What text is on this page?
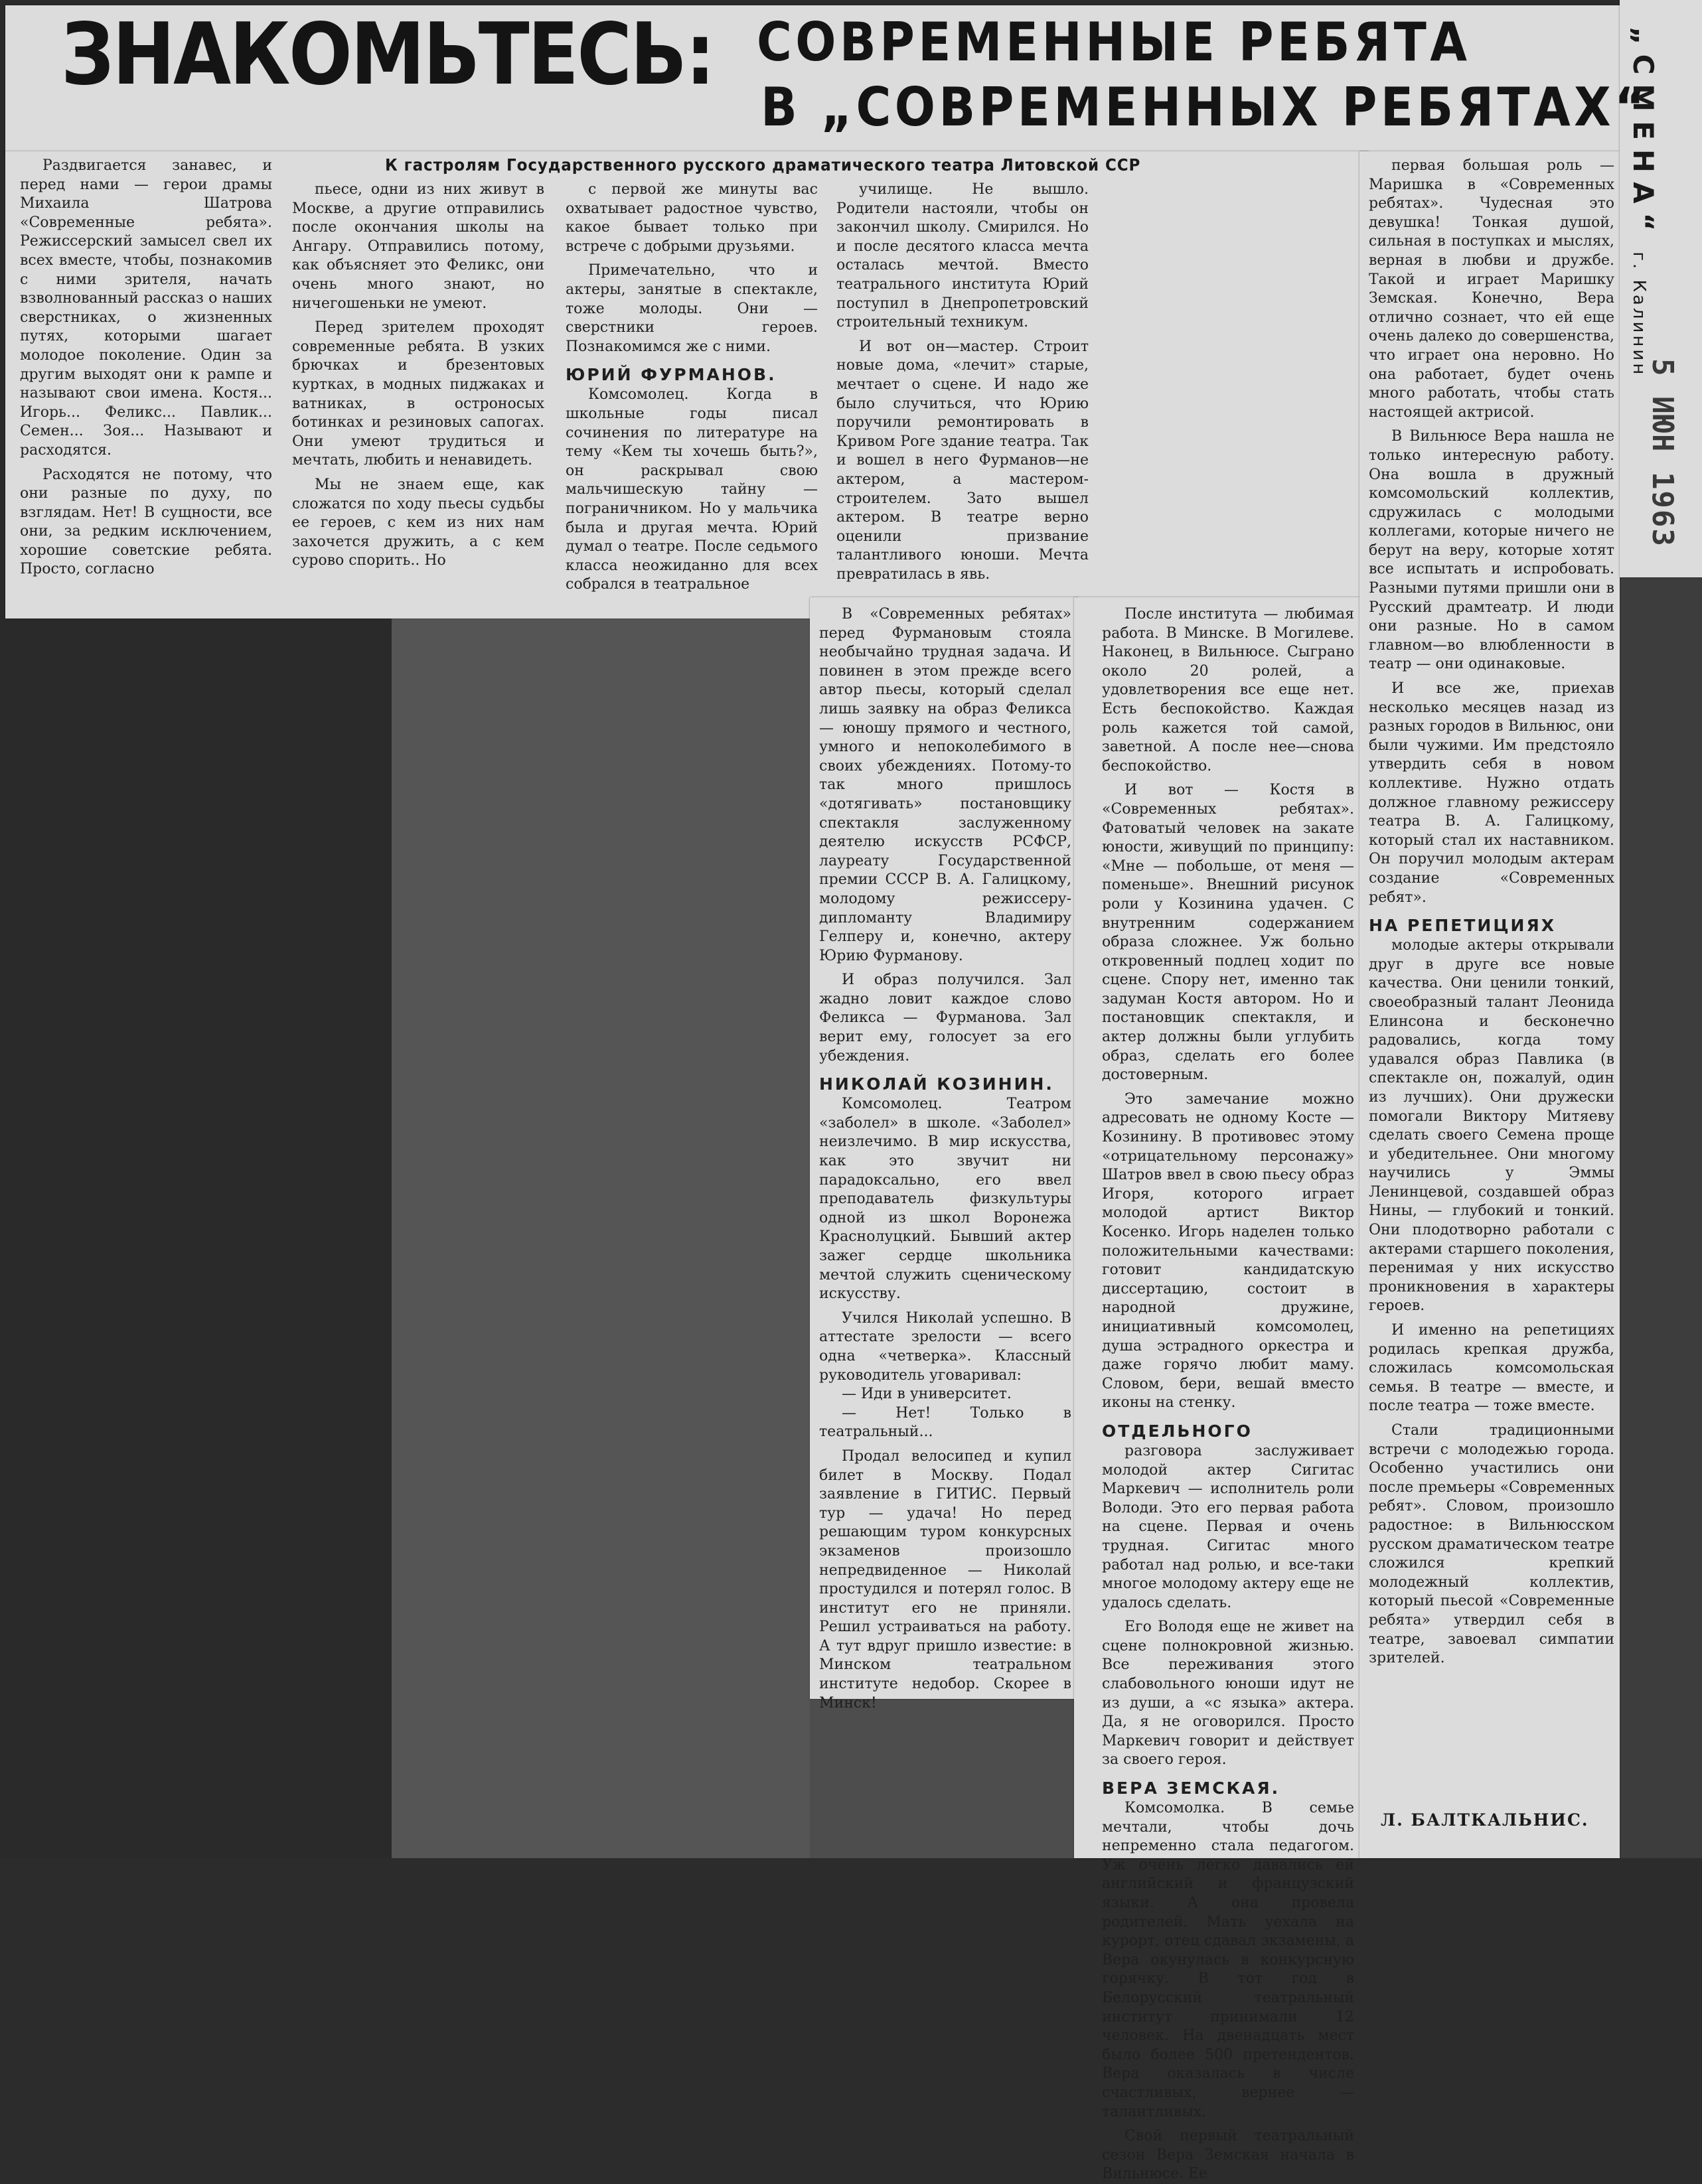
ЗНАКОМЬТЕСЬ: СОВРЕМЕННЫЕ РЕБЯТА
В „СОВРЕМЕННЫХ РЕБЯТАХ“
К гастролям Государственного русского драматического театра Литовской ССР	„СМЕНА“ г. Калинин
5 ИЮН 1963

Раздвигается занавес, и перед нами — герои драмы Михаила Шатрова «Современные ребята». Режиссерский замысел свел их всех вместе, чтобы, познакомив с ними зрителя, начать взволнованный рассказ о наших сверстниках, о жизненных путях, которыми шагает молодое поколение. Один за другим выходят они к рампе и называют свои имена. Костя... Игорь... Феликс... Павлик... Семен... Зоя... Называют и расходятся.

Расходятся не потому, что они разные по духу, по взглядам. Нет! В сущности, все они, за редким исключением, хорошие советские ребята. Просто, согласно

пьесе, одни из них живут в Москве, а другие отправились после окончания школы на Ангару. Отправились потому, как объясняет это Феликс, они очень много знают, но ничегошеньки не умеют.

Перед зрителем проходят современные ребята. В узких брючках и брезентовых куртках, в модных пиджаках и ватниках, в остроносых ботинках и резиновых сапогах. Они умеют трудиться и мечтать, любить и ненавидеть.

Мы не знаем еще, как сложатся по ходу пьесы судьбы ее героев, с кем из них нам захочется дружить, а с кем сурово спорить.. Но

с первой же минуты вас охватывает радостное чувство, какое бывает только при встрече с добрыми друзьями.

Примечательно, что и актеры, занятые в спектакле, тоже молоды. Они — сверстники героев. Познакомимся же с ними.

ЮРИЙ ФУРМАНОВ.

Комсомолец. Когда в школьные годы писал сочинения по литературе на тему «Кем ты хочешь быть?», он раскрывал свою мальчишескую тайну — пограничником. Но у мальчика была и другая мечта. Юрий думал о театре. После седьмого класса неожиданно для всех собрался в театральное

училище. Не вышло. Родители настояли, чтобы он закончил школу. Смирился. Но и после десятого класса мечта осталась мечтой. Вместо театрального института Юрий поступил в Днепропетровский строительный техникум.

И вот он—мастер. Строит новые дома, «лечит» старые, мечтает о сцене. И надо же было случиться, что Юрию поручили ремонтировать в Кривом Роге здание театра. Так и вошел в него Фурманов—не актером, а мастером-строителем. Зато вышел актером. В театре верно оценили призвание талантливого юноши. Мечта превратилась в явь.

В «Современных ребятах» перед Фурмановым стояла необычайно трудная задача. И повинен в этом прежде всего автор пьесы, который сделал лишь заявку на образ Феликса — юношу прямого и честного, умного и непоколебимого в своих убеждениях. Потому-то так много пришлось «дотягивать» постановщику спектакля заслуженному деятелю искусств РСФСР, лауреату Государственной премии СССР В. А. Галицкому, молодому режиссеру-дипломанту Владимиру Гелперу и, конечно, актеру Юрию Фурманову.

И образ получился. Зал жадно ловит каждое слово Феликса — Фурманова. Зал верит ему, голосует за его убеждения.

НИКОЛАЙ КОЗИНИН.

Комсомолец. Театром «заболел» в школе. «Заболел» неизлечимо. В мир искусства, как это звучит ни парадоксально, его ввел преподаватель физкультуры одной из школ Воронежа Краснолуцкий. Бывший актер зажег сердце школьника мечтой служить сценическому искусству.

Учился Николай успешно. В аттестате зрелости — всего одна «четверка». Классный руководитель уговаривал:

— Иди в университет.

— Нет! Только в театральный...

Продал велосипед и купил билет в Москву. Подал заявление в ГИТИС. Первый тур — удача! Но перед решающим туром конкурсных экзаменов произошло непредвиденное — Николай простудился и потерял голос. В институт его не приняли. Решил устраиваться на работу. А тут вдруг пришло известие: в Минском театральном институте недобор. Скорее в Минск!

После института — любимая работа. В Минске. В Могилеве. Наконец, в Вильнюсе. Сыграно около 20 ролей, а удовлетворения все еще нет. Есть беспокойство. Каждая роль кажется той самой, заветной. А после нее—снова беспокойство.

И вот — Костя в «Современных ребятах». Фатоватый человек на закате юности, живущий по принципу: «Мне — побольше, от меня — поменьше». Внешний рисунок роли у Козинина удачен. С внутренним содержанием образа сложнее. Уж больно откровенный подлец ходит по сцене. Спору нет, именно так задуман Костя автором. Но и постановщик спектакля, и актер должны были углубить образ, сделать его более достоверным.

Это замечание можно адресовать не одному Косте — Козинину. В противовес этому «отрицательному персонажу» Шатров ввел в свою пьесу образ Игоря, которого играет молодой артист Виктор Косенко. Игорь наделен только положительными качествами: готовит кандидатскую диссертацию, состоит в народной дружине, инициативный комсомолец, душа эстрадного оркестра и даже горячо любит маму. Словом, бери, вешай вместо иконы на стенку.

ОТДЕЛЬНОГО

разговора заслуживает молодой актер Сигитас Маркевич — исполнитель роли Володи. Это его первая работа на сцене. Первая и очень трудная. Сигитас много работал над ролью, и все-таки многое молодому актеру еще не удалось сделать.

Его Володя еще не живет на сцене полнокровной жизнью. Все переживания этого слабовольного юноши идут не из души, а «с языка» актера. Да, я не оговорился. Просто Маркевич говорит и действует за своего героя.

ВЕРА ЗЕМСКАЯ.

Комсомолка. В семье мечтали, чтобы дочь непременно стала педагогом. Уж очень легко давались ей английский и французский языки. А она провела родителей. Мать уехала на курорт, отец сдавал экзамены, а Вера окунулась в конкурсную горячку. В тот год в Белорусский театральный институт принимали 12 человек. На двенадцать мест было более 500 претендентов. Вера оказалась в числе счастливых, вернее — талантливых.

Свой первый театральный сезон Вера Земская начала в Вильнюсе. Ее

первая большая роль — Маришка в «Современных ребятах». Чудесная это девушка! Тонкая душой, сильная в поступках и мыслях, верная в любви и дружбе. Такой и играет Маришку Земская. Конечно, Вера отлично сознает, что ей еще очень далеко до совершенства, что играет она неровно. Но она работает, будет очень много работать, чтобы стать настоящей актрисой.

В Вильнюсе Вера нашла не только интересную работу. Она вошла в дружный комсомольский коллектив, сдружилась с молодыми коллегами, которые ничего не берут на веру, которые хотят все испытать и испробовать. Разными путями пришли они в Русский драмтеатр. И люди они разные. Но в самом главном—во влюбленности в театр — они одинаковые.

И все же, приехав несколько месяцев назад из разных городов в Вильнюс, они были чужими. Им предстояло утвердить себя в новом коллективе. Нужно отдать должное главному режиссеру театра В. А. Галицкому, который стал их наставником. Он поручил молодым актерам создание «Современных ребят».

НА РЕПЕТИЦИЯХ

молодые актеры открывали друг в друге все новые качества. Они ценили тонкий, своеобразный талант Леонида Елинсона и бесконечно радовались, когда тому удавался образ Павлика (в спектакле он, пожалуй, один из лучших). Они дружески помогали Виктору Митяеву сделать своего Семена проще и убедительнее. Они многому научились у Эммы Ленинцевой, создавшей образ Нины, — глубокий и тонкий. Они плодотворно работали с актерами старшего поколения, перенимая у них искусство проникновения в характеры героев.

И именно на репетициях родилась крепкая дружба, сложилась комсомольская семья. В театре — вместе, и после театра — тоже вместе.

Стали традиционными встречи с молодежью города. Особенно участились они после премьеры «Современных ребят». Словом, произошло радостное: в Вильнюсском русском драматическом театре сложился крепкий молодежный коллектив, который пьесой «Современные ребята» утвердил себя в театре, завоевал симпатии зрителей.

Л. БАЛТКАЛЬНИС.
